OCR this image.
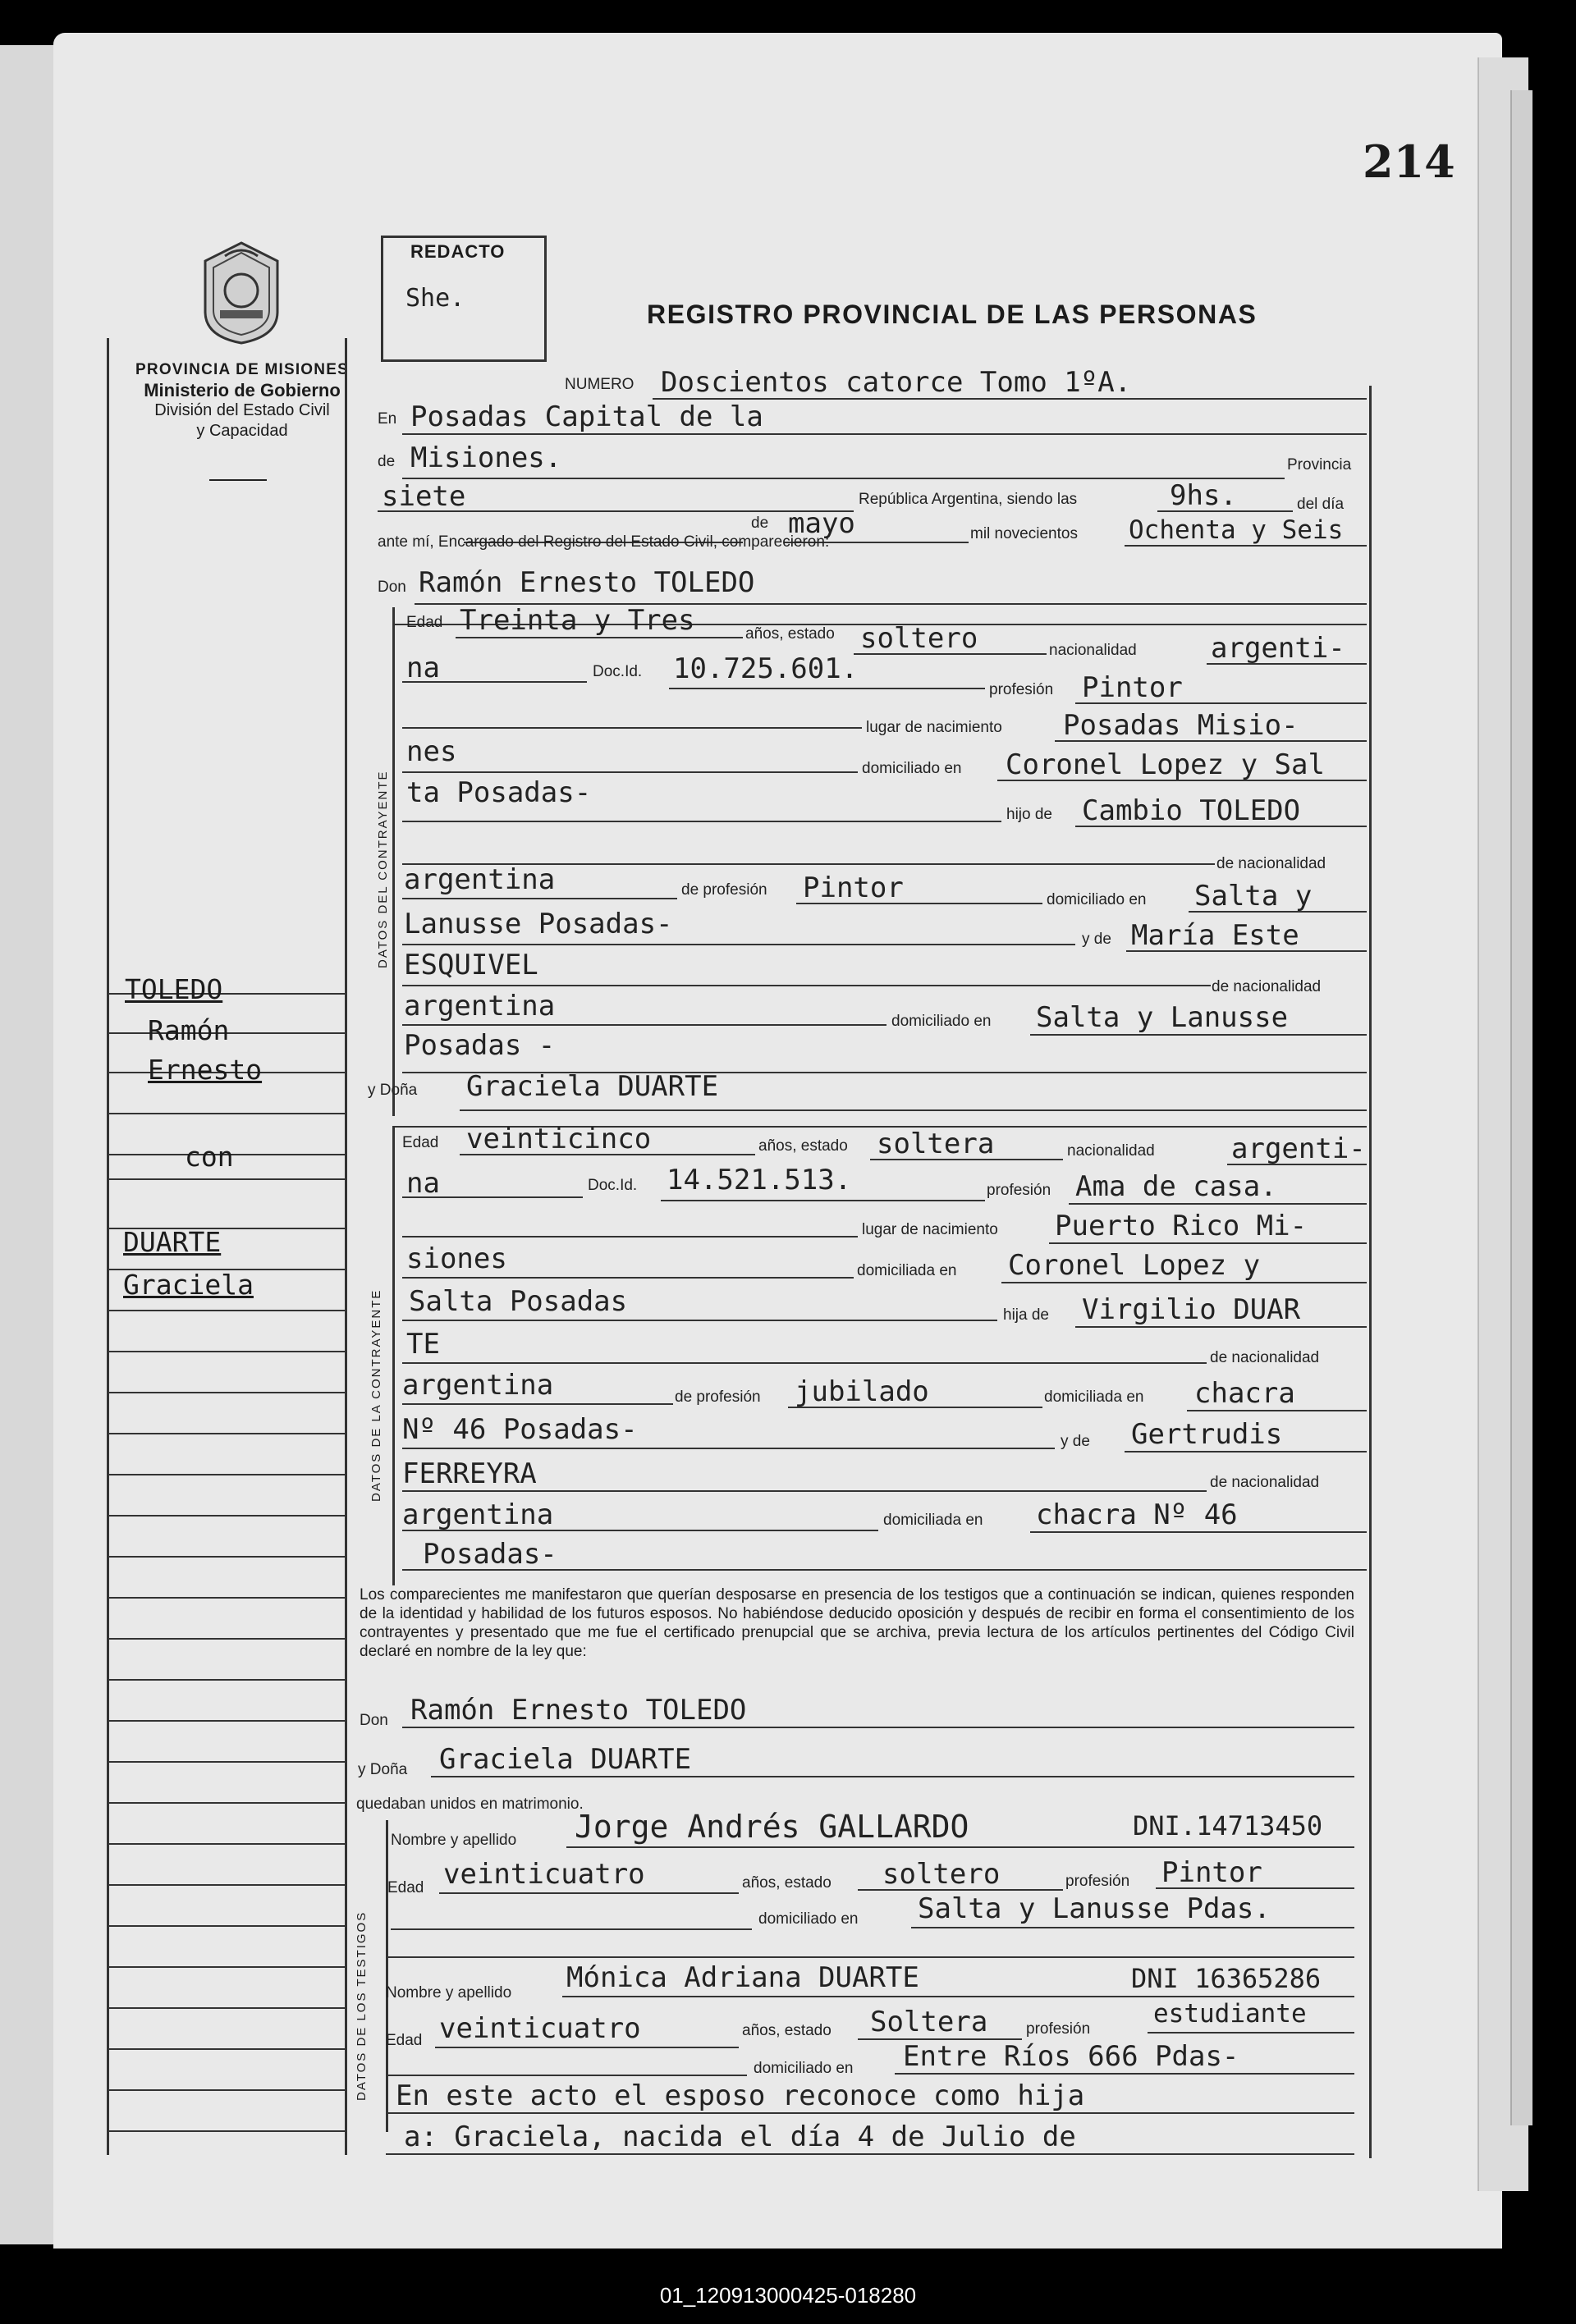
01_120913000425-018280
214
PROVINCIA DE MISIONES
Ministerio de Gobierno
División del Estado Civil
y Capacidad
REDACTO
She.
REGISTRO PROVINCIAL DE LAS PERSONAS
NUMERO Doscientos catorce Tomo 1ºA.
En Posadas Capital de la
de Misiones.	Provincia
siete	República Argentina, siendo las	9hs.	del día
de mayo	mil novecientos Ochenta y Seis
ante mí, Encargado del Registro del Estado Civil, comparecieron:
Don Ramón Ernesto TOLEDO
DATOS DEL CONTRAYENTE
Edad Treinta y Tres	años, estado soltero	nacionalidad	argenti-
na	Doc.Id. 10.725.601.
profesión Pintor
lugar de nacimiento Posadas Misio-
nes
domiciliado en Coronel Lopez y Sal
ta Posadas-
hijo de Cambio TOLEDO
de nacionalidad
argentina	de profesión Pintor	domiciliado en Salta y
Lanusse Posadas-	y de María Este
ESQUIVEL
de nacionalidad
argentina	domiciliado en Salta y Lanusse
Posadas -
y Doña Graciela DUARTE
DATOS DE LA CONTRAYENTE
Edad veinticinco	años, estado soltera	nacionalidad	argenti-
na	Doc.Id. 14.521.513.	profesión Ama de casa.
lugar de nacimiento Puerto Rico Mi-
siones	domiciliada en Coronel Lopez y
Salta Posadas	hija de Virgilio DUAR
TE	de nacionalidad
argentina	de profesión jubilado	domiciliada en chacra
Nº 46 Posadas-	y de Gertrudis
FERREYRA	de nacionalidad
argentina	domiciliada en chacra Nº 46
Posadas-
Los comparecientes me manifestaron que querían desposarse en presencia de los testigos que a continuación se indican, quienes responden de la identidad y habilidad de los futuros esposos. No habiéndose deducido oposición y después de recibir en forma el consentimiento de los contrayentes y presentado que me fue el certificado prenupcial que se archiva, previa lectura de los artículos pertinentes del Código Civil declaré en nombre de la ley que:
Don Ramón Ernesto TOLEDO
y Doña Graciela DUARTE
quedaban unidos en matrimonio.
DATOS DE LOS TESTIGOS
Nombre y apellido Jorge Andrés GALLARDO	DNI.14713450
Edad veinticuatro	años, estado soltero	profesión Pintor
domiciliado en Salta y Lanusse Pdas.
Nombre y apellido Mónica Adriana DUARTE	DNI 16365286
Edad veinticuatro	años, estado Soltera profesión
estudiante
domiciliado en Entre Ríos 666 Pdas-
En este acto el esposo reconoce como hija
a: Graciela, nacida el día 4 de Julio de
TOLEDO
Ramón
Ernesto
con
DUARTE
Graciela
